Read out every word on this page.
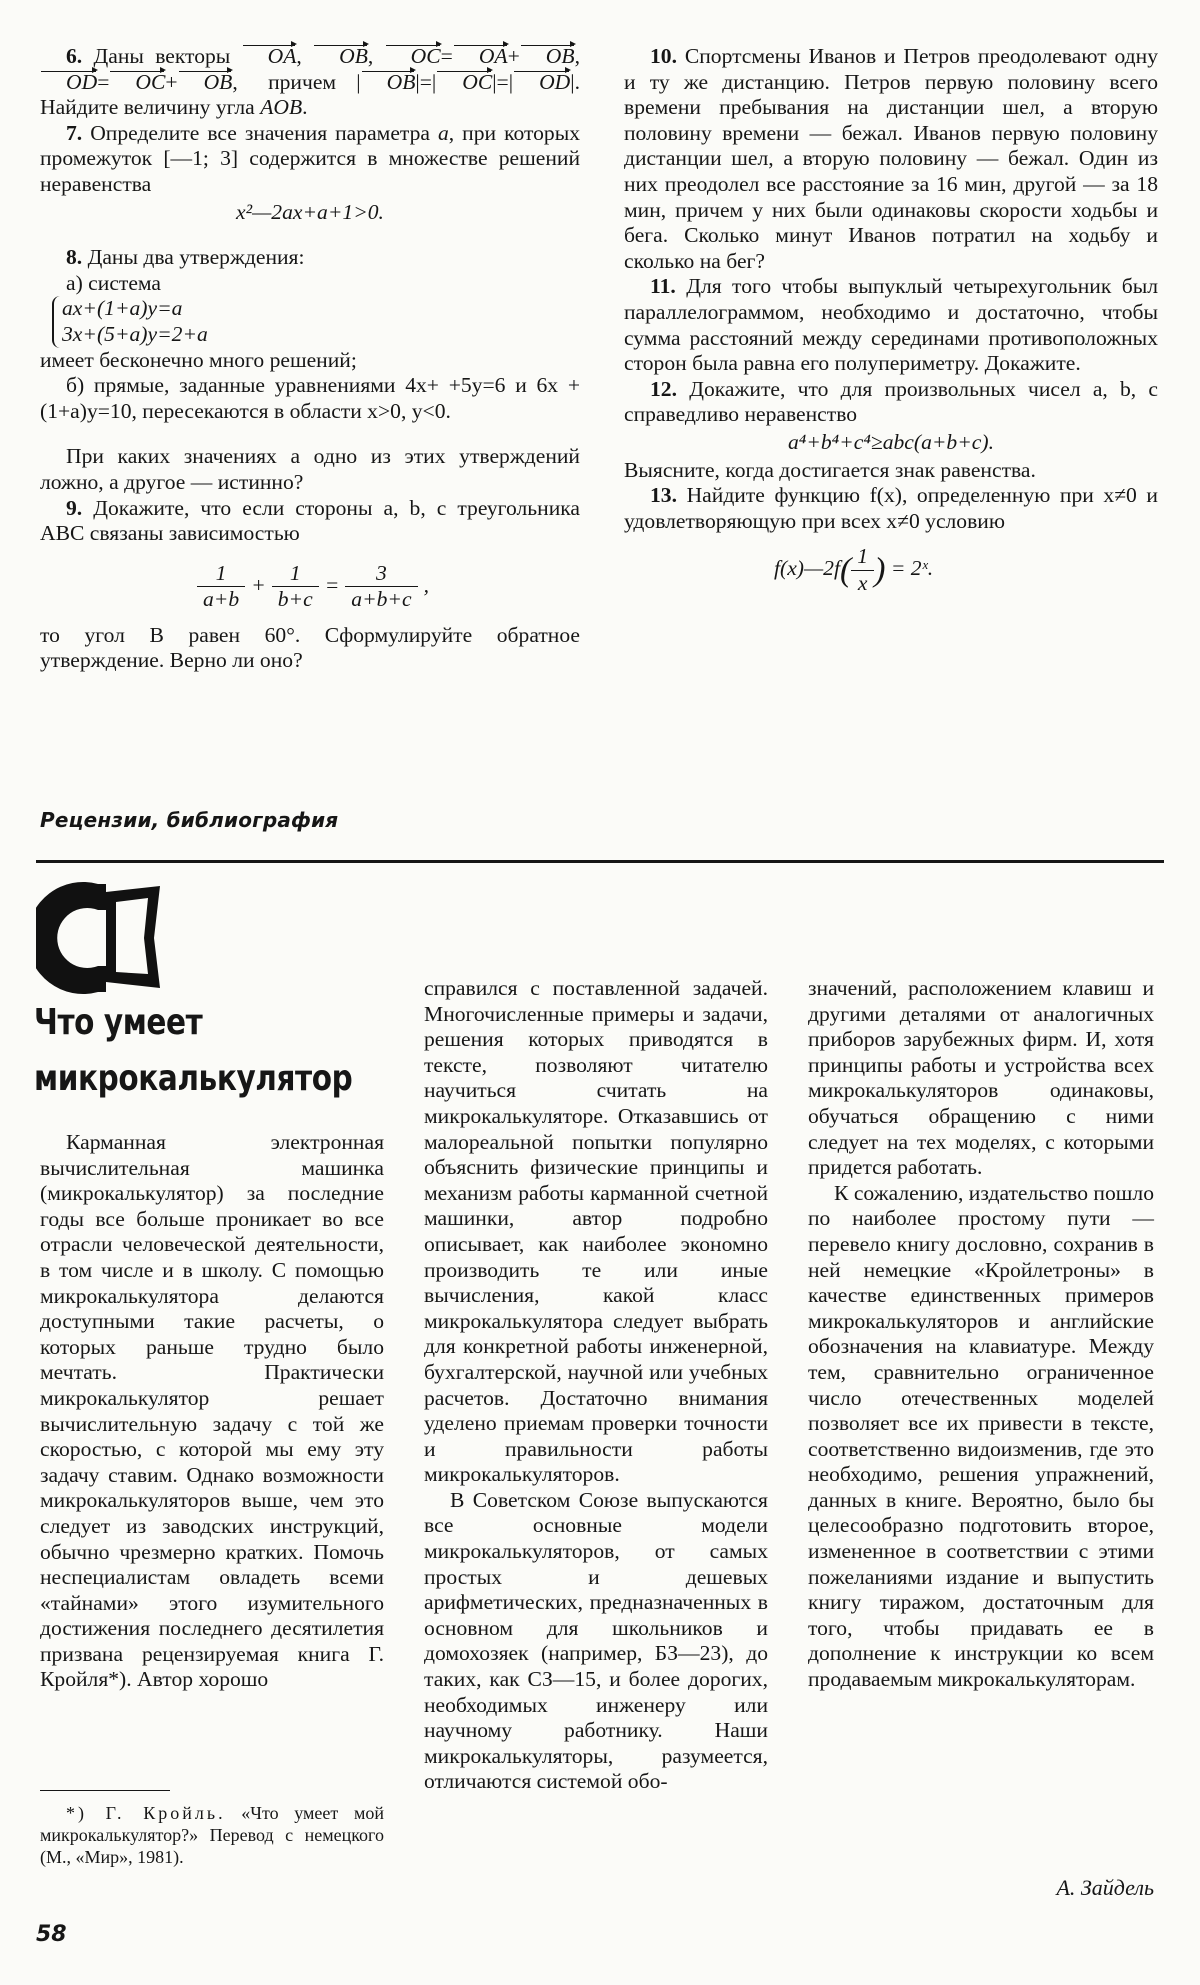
6. Даны векторы OA, OB, OC= OA+ OB, OD= OC+ OB,   причем  | OB|=| OC|=| OD|. Найдите величину угла AOB.

7. Определите все значения параметра a, при которых промежуток [—1; 3] содержится в множестве решений неравенства

x²—2ax+a+1>0.

8. Даны два утверждения:

а) система

ax+(1+a)y=a
3x+(5+a)y=2+a

имеет бесконечно много решений;

б) прямые, заданные уравнениями 4x+ +5y=6 и 6x + (1+a)y=10, пересекаются в области x>0, y<0.

При каких значениях a одно из этих утверждений ложно, а другое — истинно?

9. Докажите, что если стороны a, b, c треугольника ABC связаны зависимостью

$\frac{1}{a+b} + \frac{1}{b+c} = \frac{3}{a+b+c}$ ,

то угол B равен 60°. Сформулируйте обратное утверждение. Верно ли оно?

10. Спортсмены Иванов и Петров преодолевают одну и ту же дистанцию. Петров первую половину всего времени пребывания на дистанции шел, а вторую половину времени — бежал. Иванов первую половину дистанции шел, а вторую половину — бежал. Один из них преодолел все расстояние за 16 мин, другой — за 18 мин, причем у них были одинаковы скорости ходьбы и бега. Сколько минут Иванов потратил на ходьбу и сколько на бег?

11. Для того чтобы выпуклый четырехугольник был параллелограммом, необходимо и достаточно, чтобы сумма расстояний между серединами противоположных сторон была равна его полупериметру. Докажите.

12. Докажите, что для произвольных чисел a, b, c справедливо неравенство

a⁴+b⁴+c⁴≥abc(a+b+c).

Выясните, когда достигается знак равенства.

13. Найдите функцию f(x), определенную при x≠0 и удовлетворяющую при всех x≠0 условию

f(x)—2f( $\frac{1}{x}$ ) = 2ˣ.

Рецензии, библиография
Что умеет
микрокалькулятор

Карманная электронная вычислительная машинка (микрокалькулятор) за последние годы все больше проникает во все отрасли человеческой деятельности, в том числе и в школу. С помощью микрокалькулятора делаются доступными такие расчеты, о которых раньше трудно было мечтать. Практически микрокалькулятор решает вычислительную задачу с той же скоростью, с которой мы ему эту задачу ставим. Однако возможности микрокалькуляторов выше, чем это следует из заводских инструкций, обычно чрезмерно кратких. Помочь неспециалистам овладеть всеми «тайнами» этого изумительного достижения последнего десятилетия призвана рецензируемая книга Г. Кройля*). Автор хорошо

*) Г. Кройль. «Что умеет мой микрокалькулятор?» Перевод с немецкого (М., «Мир», 1981).

справился с поставленной задачей. Многочисленные примеры и задачи, решения которых приводятся в тексте, позволяют читателю научиться считать на микрокалькуляторе. Отказавшись от малореальной попытки популярно объяснить физические принципы и механизм работы карманной счетной машинки, автор подробно описывает, как наиболее экономно производить те или иные вычисления, какой класс микрокалькулятора следует выбрать для конкретной работы инженерной, бухгалтерской, научной или учебных расчетов. Достаточно внимания уделено приемам проверки точности и правильности работы микрокалькуляторов.

В Советском Союзе выпускаются все основные модели микрокалькуляторов, от самых простых и дешевых арифметических, предназначенных в основном для школьников и домохозяек (например, БЗ—23), до таких, как СЗ—15, и более дорогих, необходимых инженеру или научному работнику. Наши микрокалькуляторы, разумеется, отличаются системой обо-

значений, расположением клавиш и другими деталями от аналогичных приборов зарубежных фирм. И, хотя принципы работы и устройства всех микрокалькуляторов одинаковы, обучаться обращению с ними следует на тех моделях, с которыми придется работать.

К сожалению, издательство пошло по наиболее простому пути — перевело книгу дословно, сохранив в ней немецкие «Кройлетроны» в качестве единственных примеров микрокалькуляторов и английские обозначения на клавиатуре. Между тем, сравнительно ограниченное число отечественных моделей позволяет все их привести в тексте, соответственно видоизменив, где это необходимо, решения упражнений, данных в книге. Вероятно, было бы целесообразно подготовить второе, измененное в соответствии с этими пожеланиями издание и выпустить книгу тиражом, достаточным для того, чтобы придавать ее в дополнение к инструкции ко всем продаваемым микрокалькуляторам.

А. Зайдель
58
